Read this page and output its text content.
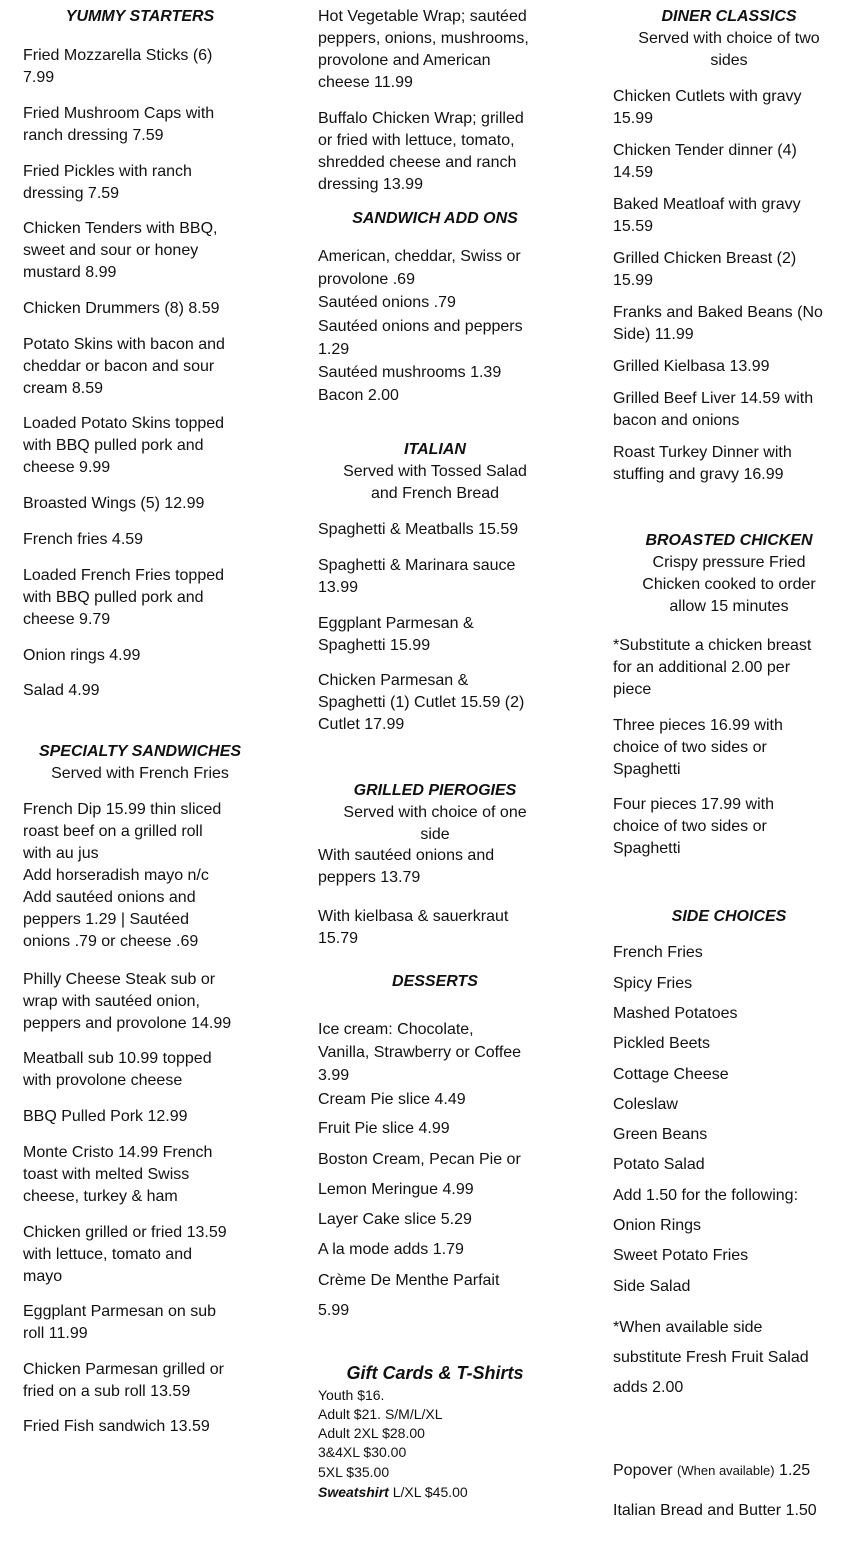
YUMMY STARTERS
Fried Mozzarella Sticks (6)
7.99
Fried Mushroom Caps with
ranch dressing 7.59
Fried Pickles with ranch
dressing 7.59
Chicken Tenders with BBQ,
sweet and sour or honey
mustard 8.99
Chicken Drummers (8) 8.59
Potato Skins with bacon and
cheddar or bacon and sour
cream 8.59
Loaded Potato Skins topped
with BBQ pulled pork and
cheese 9.99
Broasted Wings (5) 12.99
French fries 4.59
Loaded French Fries topped
with BBQ pulled pork and
cheese 9.79
Onion rings 4.99
Salad 4.99
SPECIALTY SANDWICHES
Served with French Fries
French Dip 15.99 thin sliced
roast beef on a grilled roll
with au jus
Add horseradish mayo n/c
Add sautéed onions and
peppers 1.29 | Sautéed
onions .79 or cheese .69
Philly Cheese Steak sub or
wrap with sautéed onion,
peppers and provolone 14.99
Meatball sub 10.99 topped
with provolone cheese
BBQ Pulled Pork 12.99
Monte Cristo 14.99 French
toast with melted Swiss
cheese, turkey & ham
Chicken grilled or fried 13.59
with lettuce, tomato and
mayo
Eggplant Parmesan on sub
roll 11.99
Chicken Parmesan grilled or
fried on a sub roll 13.59
Fried Fish sandwich 13.59
Hot Vegetable Wrap; sautéed
peppers, onions, mushrooms,
provolone and American
cheese 11.99
Buffalo Chicken Wrap; grilled
or fried with lettuce, tomato,
shredded cheese and ranch
dressing 13.99
SANDWICH ADD ONS
American, cheddar, Swiss or
provolone .69
Sautéed onions .79
Sautéed onions and peppers
1.29
Sautéed mushrooms 1.39
Bacon 2.00
ITALIAN
Served with Tossed Salad
and French Bread
Spaghetti & Meatballs 15.59
Spaghetti & Marinara sauce
13.99
Eggplant Parmesan &
Spaghetti 15.99
Chicken Parmesan &
Spaghetti (1) Cutlet 15.59 (2)
Cutlet 17.99
GRILLED PIEROGIES
Served with choice of one
side
With sautéed onions and
peppers 13.79
With kielbasa & sauerkraut
15.79
DESSERTS
Ice cream: Chocolate,
Vanilla, Strawberry or Coffee
3.99
Cream Pie slice 4.49
Fruit Pie slice 4.99
Boston Cream, Pecan Pie or
Lemon Meringue 4.99
Layer Cake slice 5.29
A la mode adds 1.79
Crème De Menthe Parfait
5.99
Gift Cards & T-Shirts
Youth $16.
Adult $21. S/M/L/XL
Adult 2XL $28.00
3&4XL $30.00
5XL $35.00
Sweatshirt L/XL $45.00
DINER CLASSICS
Served with choice of two
sides
Chicken Cutlets with gravy
15.99
Chicken Tender dinner (4)
14.59
Baked Meatloaf with gravy
15.59
Grilled Chicken Breast (2)
15.99
Franks and Baked Beans (No
Side) 11.99
Grilled Kielbasa 13.99
Grilled Beef Liver 14.59 with
bacon and onions
Roast Turkey Dinner with
stuffing and gravy 16.99
BROASTED CHICKEN
Crispy pressure Fried
Chicken cooked to order
allow 15 minutes
*Substitute a chicken breast
for an additional 2.00 per
piece
Three pieces 16.99 with
choice of two sides or
Spaghetti
Four pieces 17.99 with
choice of two sides or
Spaghetti
SIDE CHOICES
French Fries
Spicy Fries
Mashed Potatoes
Pickled Beets
Cottage Cheese
Coleslaw
Green Beans
Potato Salad
Add 1.50 for the following:
Onion Rings
Sweet Potato Fries
Side Salad
*When available side
substitute Fresh Fruit Salad
adds 2.00
Popover (When available) 1.25
Italian Bread and Butter 1.50
